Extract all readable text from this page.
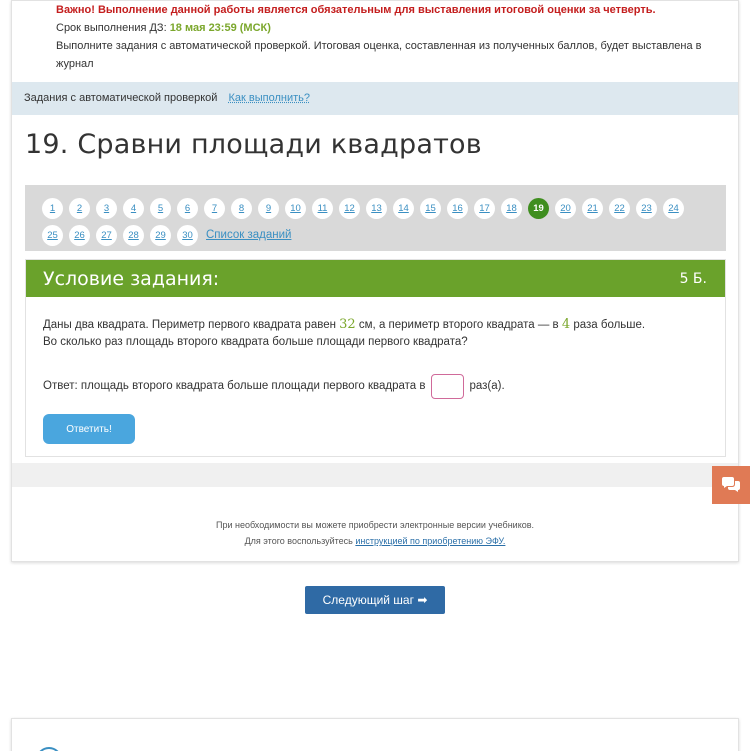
Важно! Выполнение данной работы является обязательным для выставления итоговой оценки за четверть.
Срок выполнения ДЗ: 18 мая 23:59 (МСК)
Выполните задания с автоматической проверкой. Итоговая оценка, составленная из полученных баллов, будет выставлена в журнал
Задания с автоматической проверкой Как выполнить?
19. Сравни площади квадратов
1	2	3	4	5	6	7	8	9	10	11	12	13	14	15	16	17	18	19	20	21	22	23	24
25	26	27	28	29	30	Список заданий
Условие задания:	5 Б.
Даны два квадрата. Периметр первого квадрата равен 32 см, а периметр второго квадрата — в 4 раза больше.
Во сколько раз площадь второго квадрата больше площади первого квадрата?
Ответ: площадь второго квадрата больше площади первого квадрата в	раз(а).
Ответить!
При необходимости вы можете приобрести электронные версии учебников.
Для этого воспользуйтесь инструкцией по приобретению ЭФУ.
Следующий шаг ➡
